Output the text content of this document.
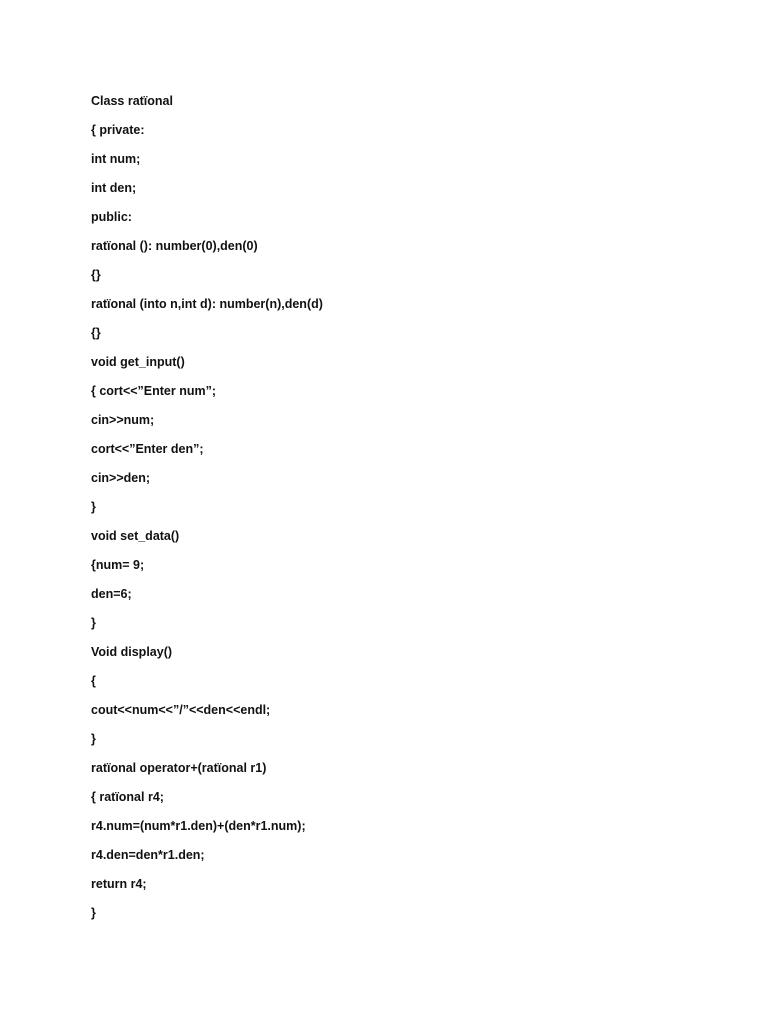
Class ratïonal
{ private:
int num;
int den;
public:
ratïonal (): number(0),den(0)
{}
ratïonal (into n,int d): number(n),den(d)
{}
void get_input()
{ cort<<”Enter num”;
cin>>num;
cort<<”Enter den”;
cin>>den;
}
void set_data()
{num= 9;
den=6;
}
Void display()
{
cout<<num<<”/”<<den<<endl;
}
ratïonal operator+(ratïonal r1)
{ ratïonal r4;
r4.num=(num*r1.den)+(den*r1.num);
r4.den=den*r1.den;
return r4;
}
